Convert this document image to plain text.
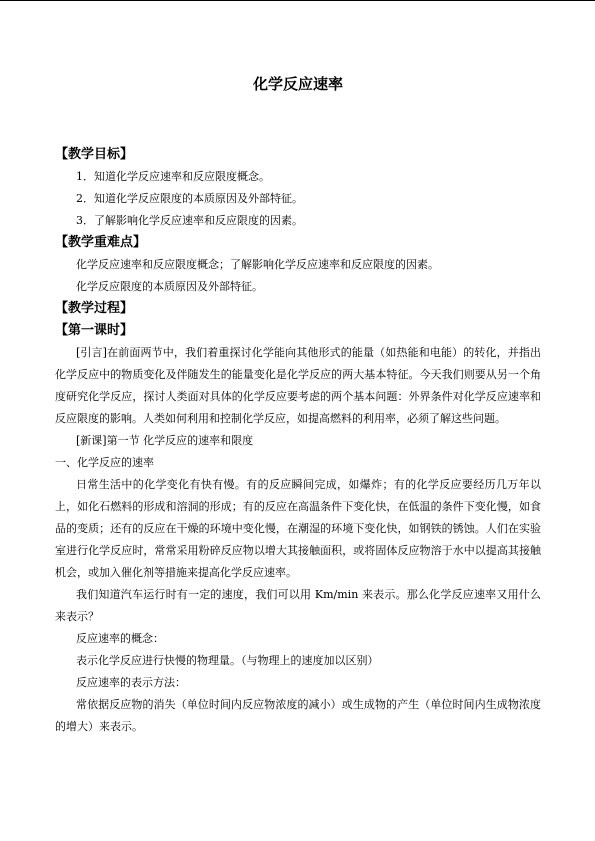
化学反应速率
【教学目标】
1．知道化学反应速率和反应限度概念。
2．知道化学反应限度的本质原因及外部特征。
3．了解影响化学反应速率和反应限度的因素。
【教学重难点】
化学反应速率和反应限度概念；了解影响化学反应速率和反应限度的因素。
化学反应限度的本质原因及外部特征。
【教学过程】
【第一课时】

[引言]在前面两节中，我们着重探讨化学能向其他形式的能量（如热能和电能）的转化，并指出化学反应中的物质变化及伴随发生的能量变化是化学反应的两大基本特征。今天我们则要从另一个角度研究化学反应，探讨人类面对具体的化学反应要考虑的两个基本问题：外界条件对化学反应速率和反应限度的影响。人类如何利用和控制化学反应，如提高燃料的利用率，必须了解这些问题。

[新课]第一节 化学反应的速率和限度
一、化学反应的速率

日常生活中的化学变化有快有慢。有的反应瞬间完成，如爆炸；有的化学反应要经历几万年以上，如化石燃料的形成和溶洞的形成；有的反应在高温条件下变化快，在低温的条件下变化慢，如食品的变质；还有的反应在干燥的环境中变化慢，在潮湿的环境下变化快，如钢铁的锈蚀。人们在实验室进行化学反应时，常常采用粉碎反应物以增大其接触面积，或将固体反应物溶于水中以提高其接触机会，或加入催化剂等措施来提高化学反应速率。

我们知道汽车运行时有一定的速度，我们可以用 Km/min 来表示。那么化学反应速率又用什么来表示？

反应速率的概念：
表示化学反应进行快慢的物理量。（与物理上的速度加以区别）
反应速率的表示方法：

常依据反应物的消失（单位时间内反应物浓度的减小）或生成物的产生（单位时间内生成物浓度的增大）来表示。
